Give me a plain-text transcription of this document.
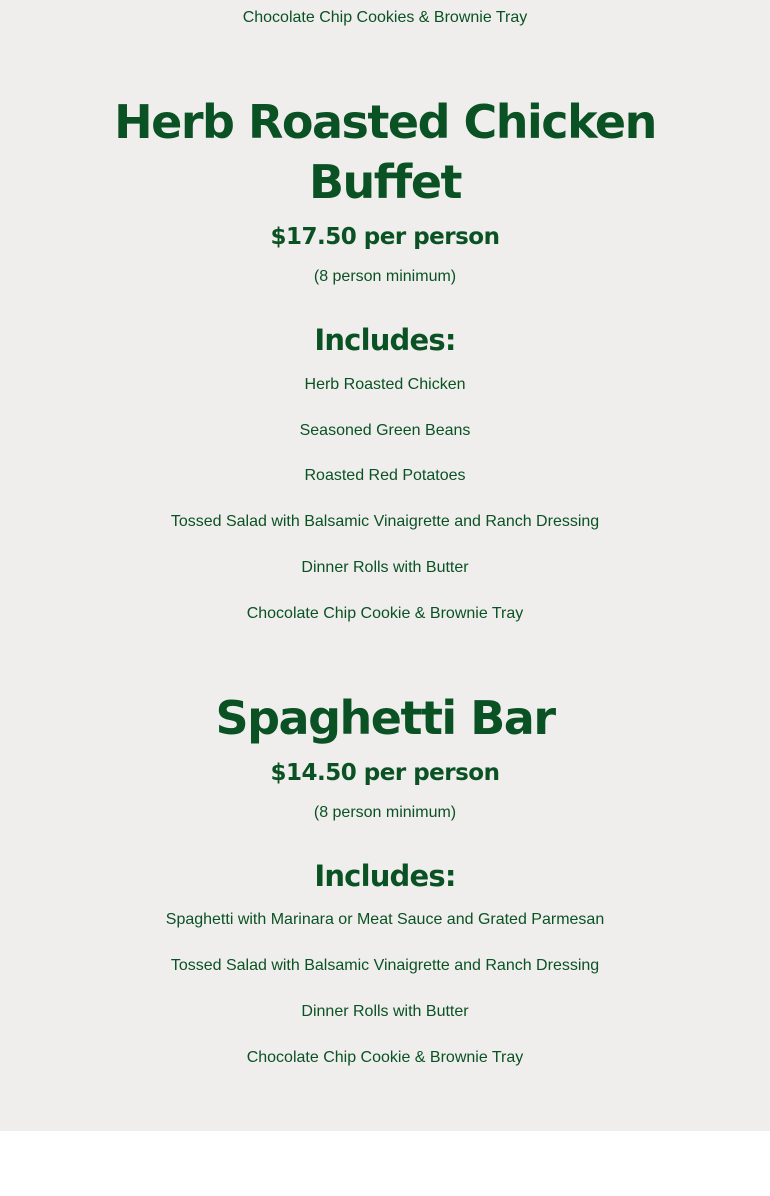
Chocolate Chip Cookies & Brownie Tray
Herb Roasted Chicken
Buffet
$17.50 per person
(8 person minimum)
Includes:
Herb Roasted Chicken
Seasoned Green Beans
Roasted Red Potatoes
Tossed Salad with Balsamic Vinaigrette and Ranch Dressing
Dinner Rolls with Butter
Chocolate Chip Cookie & Brownie Tray
Spaghetti Bar
$14.50 per person
(8 person minimum)
Includes:
Spaghetti with Marinara or Meat Sauce and Grated Parmesan
Tossed Salad with Balsamic Vinaigrette and Ranch Dressing
Dinner Rolls with Butter
Chocolate Chip Cookie & Brownie Tray
